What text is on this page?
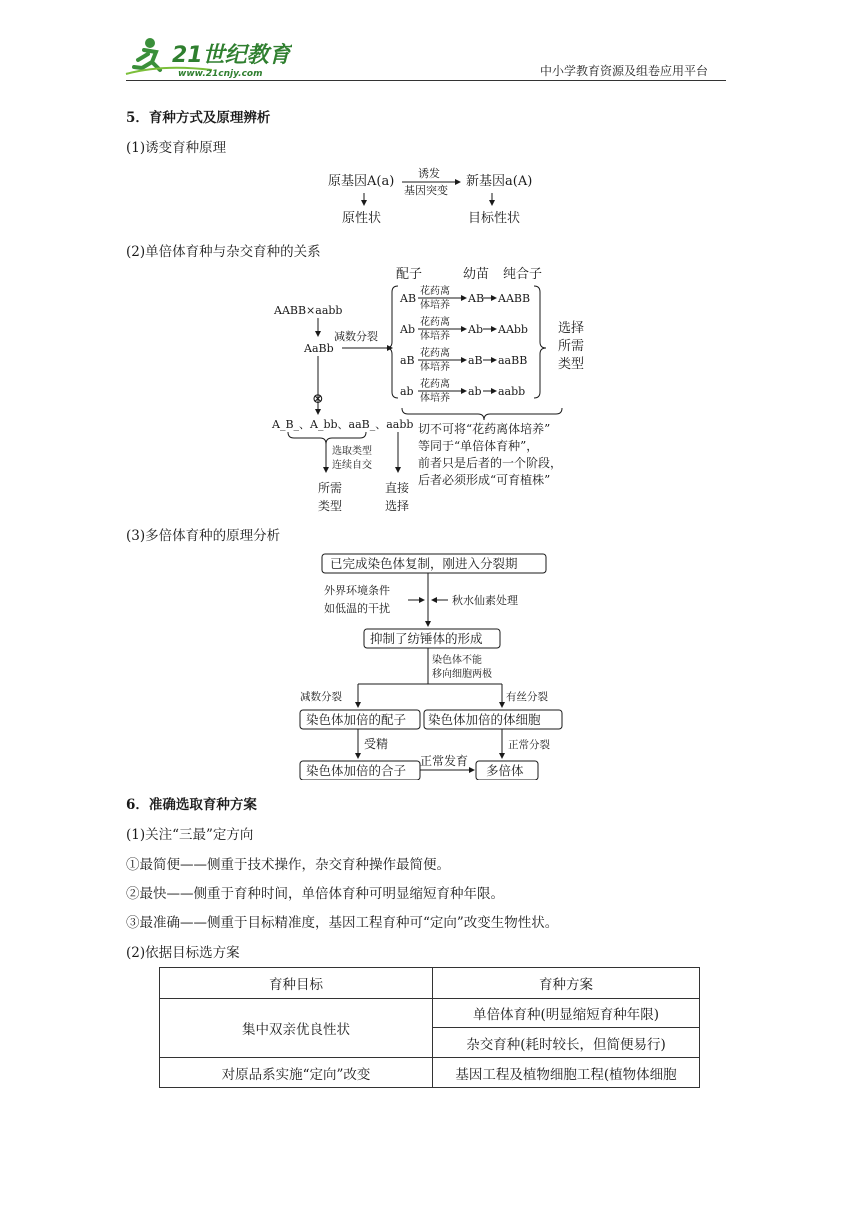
21世纪教育
www.21cnjy.com	中小学教育资源及组卷应用平台
5．育种方式及原理辨析
(1)诱变育种原理
原基因A(a)
诱发
基因突变
新基因a(A)
原性状	目标性状
(2)单倍体育种与杂交育种的关系
配子	幼苗 纯合子
AABB×aabb
AaBb
减数分裂
AB
花药离
体培养
AB AABB
Ab
花药离
体培养
Ab AAbb
aB
花药离
体培养
aB aaBB
ab
花药离
体培养
ab aabb
选择
所需
类型
⊗
A_B_、A_bb、aaB_、aabb
选取类型
连续自交
所需
类型
直接
选择
切不可将“花药离体培养”
等同于“单倍体育种”，
前者只是后者的一个阶段，
后者必须形成“可育植株”
(3)多倍体育种的原理分析
已完成染色体复制，刚进入分裂期
外界环境条件
如低温的干扰
秋水仙素处理
抑制了纺锤体的形成
染色体不能
移向细胞两极
减数分裂	有丝分裂
染色体加倍的配子 染色体加倍的体细胞
受精	正常分裂
染色体加倍的合子
正常发育
多倍体
6．准确选取育种方案
(1)关注“三最”定方向
①最简便——侧重于技术操作，杂交育种操作最简便。
②最快——侧重于育种时间，单倍体育种可明显缩短育种年限。
③最准确——侧重于目标精准度，基因工程育种可“定向”改变生物性状。
(2)依据目标选方案
育种目标	育种方案
集中双亲优良性状	单倍体育种(明显缩短育种年限)
	杂交育种(耗时较长，但简便易行)
对原品系实施“定向”改变	基因工程及植物细胞工程(植物体细胞
